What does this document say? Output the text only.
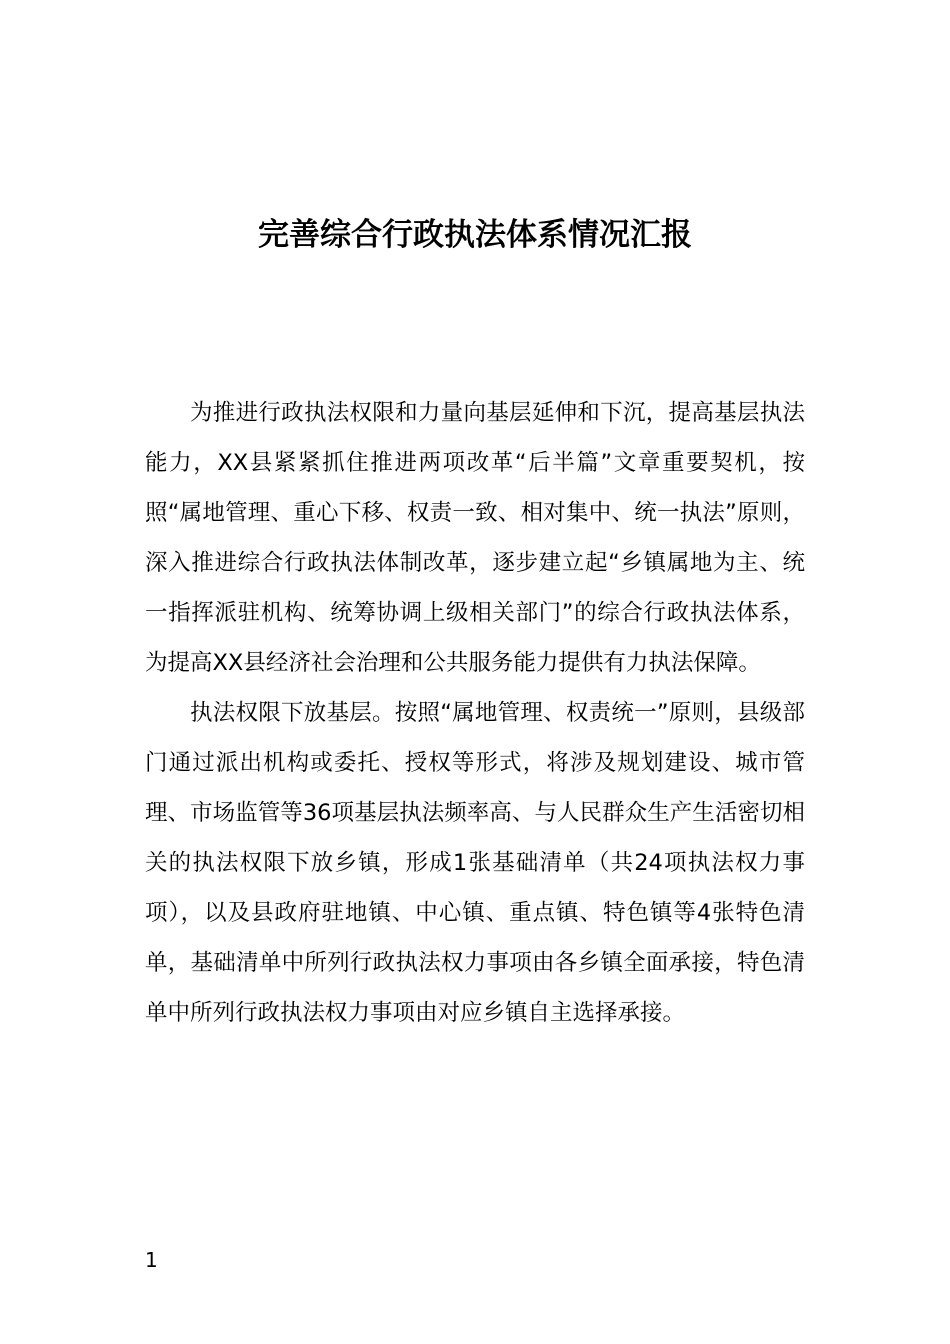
完善综合行政执法体系情况汇报

为推进行政执法权限和力量向基层延伸和下沉，提高基层执法能力，XX县紧紧抓住推进两项改革“后半篇”文章重要契机，按照“属地管理、重心下移、权责一致、相对集中、统一执法”原则，深入推进综合行政执法体制改革，逐步建立起“乡镇属地为主、统一指挥派驻机构、统筹协调上级相关部门”的综合行政执法体系，为提高XX县经济社会治理和公共服务能力提供有力执法保障。

执法权限下放基层。按照“属地管理、权责统一”原则，县级部门通过派出机构或委托、授权等形式，将涉及规划建设、城市管理、市场监管等36项基层执法频率高、与人民群众生产生活密切相关的执法权限下放乡镇，形成1张基础清单（共24项执法权力事项），以及县政府驻地镇、中心镇、重点镇、特色镇等4张特色清单，基础清单中所列行政执法权力事项由各乡镇全面承接，特色清单中所列行政执法权力事项由对应乡镇自主选择承接。

1
